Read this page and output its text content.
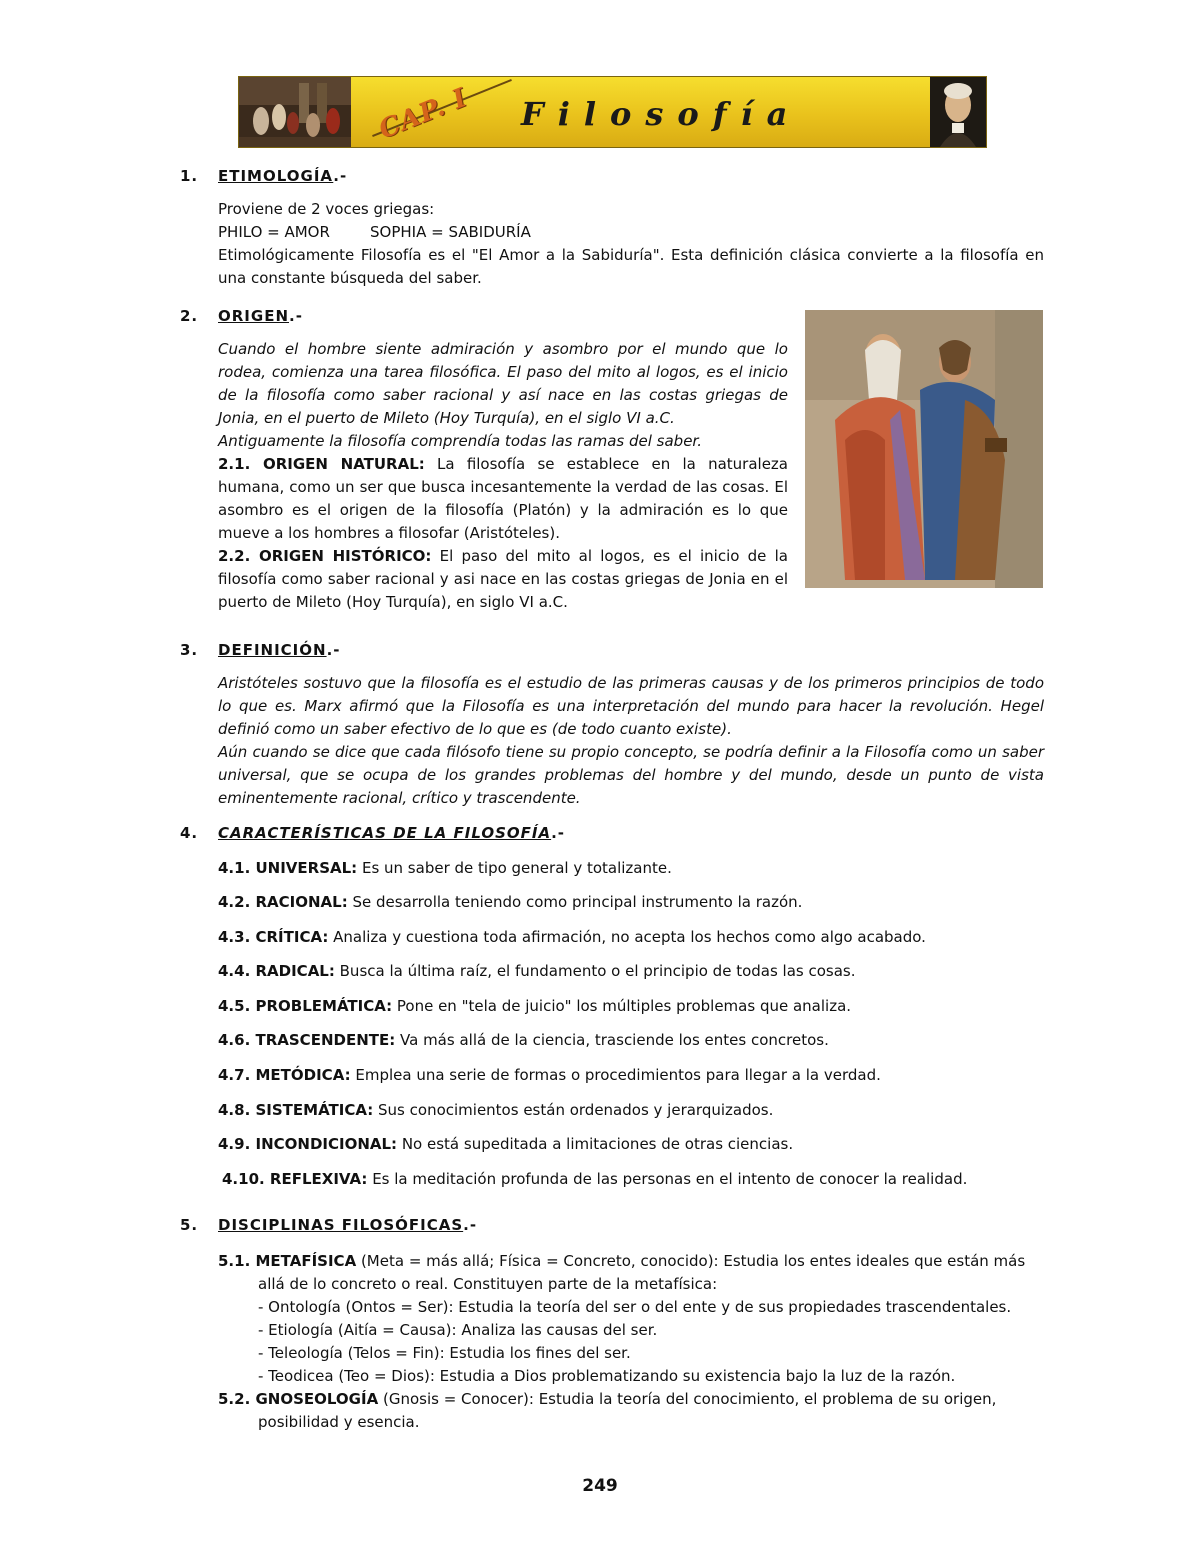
CAP. I Filosofía
1. ETIMOLOGÍA.-
Proviene de 2 voces griegas:
PHILO = AMOR	SOPHIA = SABIDURÍA
Etimológicamente Filosofía es el "El Amor a la Sabiduría". Esta definición clásica convierte a la filosofía en una constante búsqueda del saber.
2. ORIGEN.-
Cuando el hombre siente admiración y asombro por el mundo que lo rodea, comienza una tarea filosófica. El paso del mito al logos, es el inicio de la filosofía como saber racional y así nace en las costas griegas de Jonia, en el puerto de Mileto (Hoy Turquía), en el siglo VI a.C.
Antiguamente la filosofía comprendía todas las ramas del saber.
2.1. ORIGEN NATURAL: La filosofía se establece en la naturaleza humana, como un ser que busca incesantemente la verdad de las cosas. El asombro es el origen de la filosofía (Platón) y la admiración es lo que mueve a los hombres a filosofar (Aristóteles).
2.2. ORIGEN HISTÓRICO: El paso del mito al logos, es el inicio de la filosofía como saber racional y asi nace en las costas griegas de Jonia en el puerto de Mileto (Hoy Turquía), en siglo VI a.C.
3. DEFINICIÓN.-
Aristóteles sostuvo que la filosofía es el estudio de las primeras causas y de los primeros principios de todo lo que es. Marx afirmó que la Filosofía es una interpretación del mundo para hacer la revolución. Hegel definió como un saber efectivo de lo que es (de todo cuanto existe).
Aún cuando se dice que cada filósofo tiene su propio concepto, se podría definir a la Filosofía como un saber universal, que se ocupa de los grandes problemas del hombre y del mundo, desde un punto de vista eminentemente racional, crítico y trascendente.
4. CARACTERÍSTICAS DE LA FILOSOFÍA.-
4.1. UNIVERSAL: Es un saber de tipo general y totalizante.
4.2. RACIONAL: Se desarrolla teniendo como principal instrumento la razón.
4.3. CRÍTICA: Analiza y cuestiona toda afirmación, no acepta los hechos como algo acabado.
4.4. RADICAL: Busca la última raíz, el fundamento o el principio de todas las cosas.
4.5. PROBLEMÁTICA: Pone en "tela de juicio" los múltiples problemas que analiza.
4.6. TRASCENDENTE: Va más allá de la ciencia, trasciende los entes concretos.
4.7. METÓDICA: Emplea una serie de formas o procedimientos para llegar a la verdad.
4.8. SISTEMÁTICA: Sus conocimientos están ordenados y jerarquizados.
4.9. INCONDICIONAL: No está supeditada a limitaciones de otras ciencias.
4.10. REFLEXIVA: Es la meditación profunda de las personas en el intento de conocer la realidad.
5. DISCIPLINAS FILOSÓFICAS.-
5.1. METAFÍSICA (Meta = más allá; Física = Concreto, conocido): Estudia los entes ideales que están más
allá de lo concreto o real. Constituyen parte de la metafísica:
- Ontología (Ontos = Ser): Estudia la teoría del ser o del ente y de sus propiedades trascendentales.
- Etiología (Aitía = Causa): Analiza las causas del ser.
- Teleología (Telos = Fin): Estudia los fines del ser.
- Teodicea (Teo = Dios): Estudia a Dios problematizando su existencia bajo la luz de la razón.
5.2. GNOSEOLOGÍA (Gnosis = Conocer): Estudia la teoría del conocimiento, el problema de su origen,
posibilidad y esencia.
249
